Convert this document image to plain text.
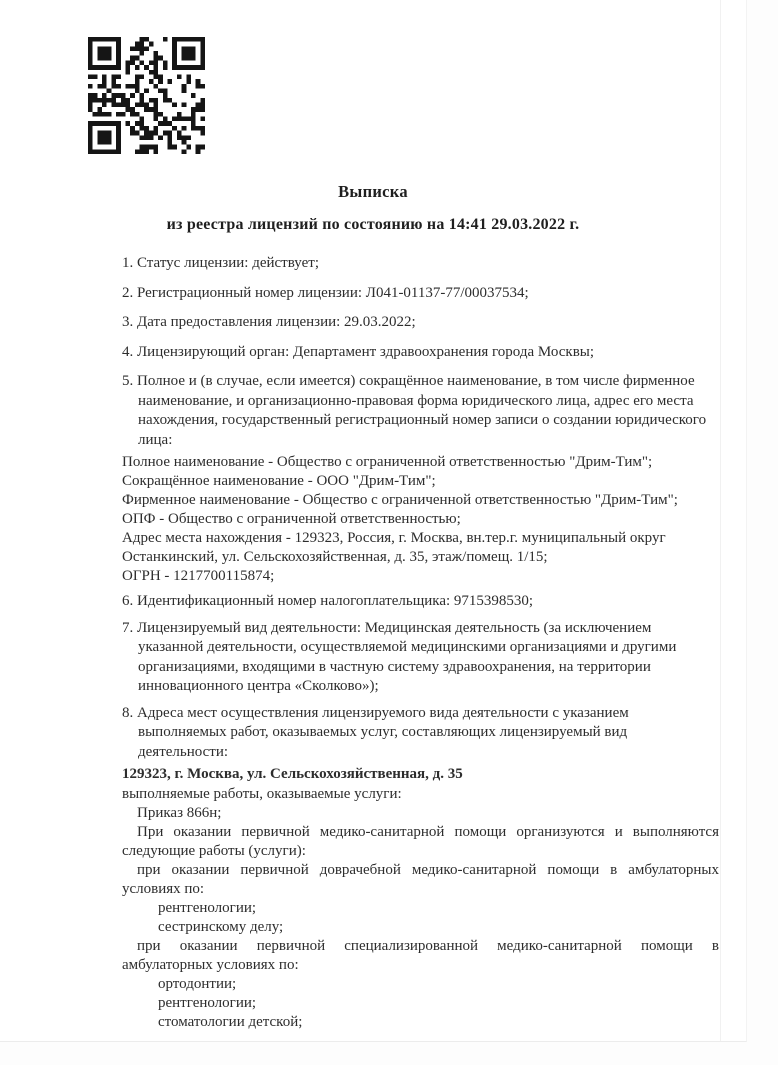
Выписка

из реестра лицензий по состоянию на 14:41 29.03.2022 г.

1. Статус лицензии: действует;

2. Регистрационный номер лицензии: Л041-01137-77/00037534;

3. Дата предоставления лицензии: 29.03.2022;

4. Лицензирующий орган: Департамент здравоохранения города Москвы;

5. Полное и (в случае, если имеется) сокращённое наименование, в том числе фирменное наименование, и организационно-правовая форма юридического лица, адрес его места нахождения, государственный регистрационный номер записи о создании юридического лица:

Полное наименование - Общество с ограниченной ответственностью "Дрим-Тим";

Сокращённое наименование - ООО "Дрим-Тим";

Фирменное наименование - Общество с ограниченной ответственностью "Дрим-Тим";

ОПФ - Общество с ограниченной ответственностью;

Адрес места нахождения - 129323, Россия, г. Москва, вн.тер.г. муниципальный округ Останкинский, ул. Сельскохозяйственная, д. 35, этаж/помещ. 1/15;

ОГРН - 1217700115874;

6. Идентификационный номер налогоплательщика: 9715398530;

7. Лицензируемый вид деятельности: Медицинская деятельность (за исключением указанной деятельности, осуществляемой медицинскими организациями и другими организациями, входящими в частную систему здравоохранения, на территории инновационного центра «Сколково»);

8. Адреса мест осуществления лицензируемого вида деятельности с указанием выполняемых работ, оказываемых услуг, составляющих лицензируемый вид деятельности:

129323, г. Москва, ул. Сельскохозяйственная, д. 35

выполняемые работы, оказываемые услуги:

Приказ 866н;

При оказании первичной медико-санитарной помощи организуются и выполняются следующие работы (услуги):

при оказании первичной доврачебной медико-санитарной помощи в амбулаторных условиях по:

рентгенологии;

сестринскому делу;

при оказании первичной специализированной медико-санитарной помощи в амбулаторных условиях по:

ортодонтии;

рентгенологии;

стоматологии детской;
